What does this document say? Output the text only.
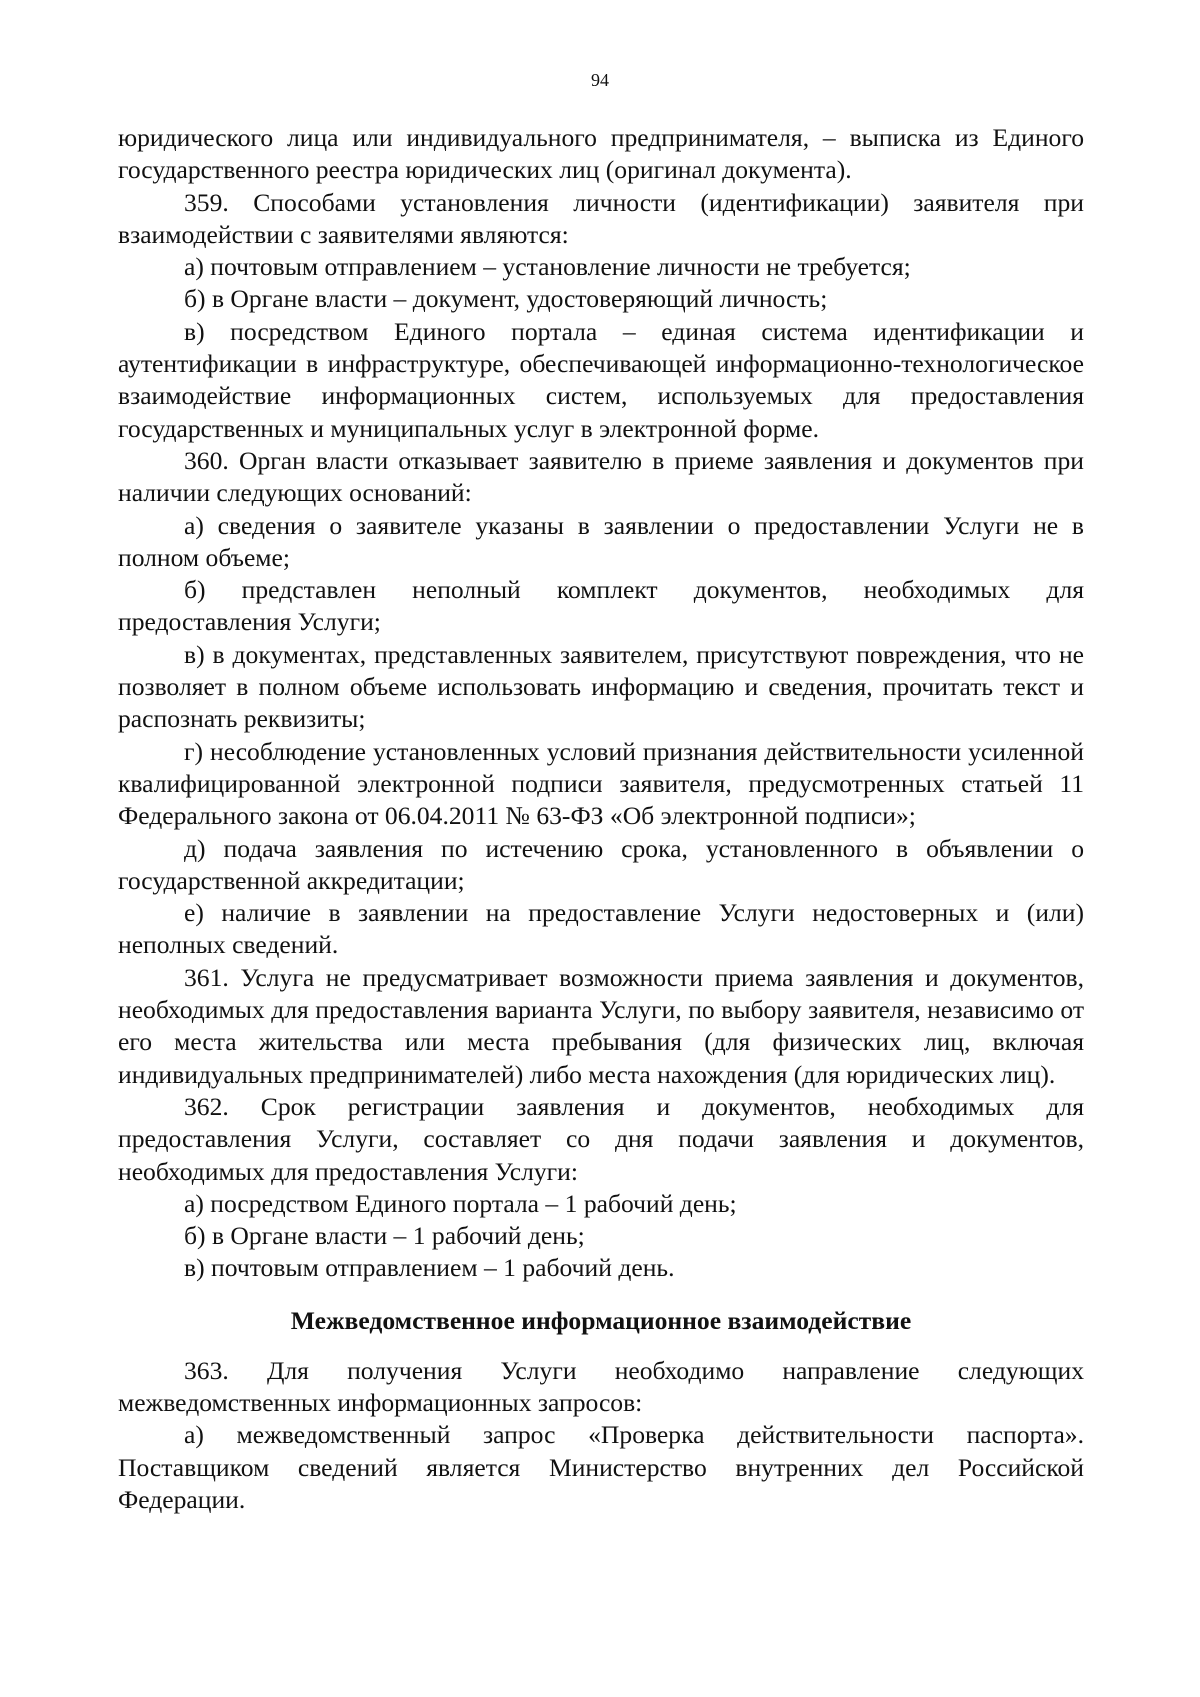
94

юридического лица или индивидуального предпринимателя, – выписка из Единого государственного реестра юридических лиц (оригинал документа).

359. Способами установления личности (идентификации) заявителя при взаимодействии с заявителями являются:

а) почтовым отправлением – установление личности не требуется;

б) в Органе власти – документ, удостоверяющий личность;

в) посредством Единого портала – единая система идентификации и аутентификации в инфраструктуре, обеспечивающей информационно-технологическое взаимодействие информационных систем, используемых для предоставления государственных и муниципальных услуг в электронной форме.

360. Орган власти отказывает заявителю в приеме заявления и документов при наличии следующих оснований:

а) сведения о заявителе указаны в заявлении о предоставлении Услуги не в полном объеме;

б) представлен неполный комплект документов, необходимых для предоставления Услуги;

в) в документах, представленных заявителем, присутствуют повреждения, что не позволяет в полном объеме использовать информацию и сведения, прочитать текст и распознать реквизиты;

г) несоблюдение установленных условий признания действительности усиленной квалифицированной электронной подписи заявителя, предусмотренных статьей 11 Федерального закона от 06.04.2011 № 63-ФЗ «Об электронной подписи»;

д) подача заявления по истечению срока, установленного в объявлении о государственной аккредитации;

е) наличие в заявлении на предоставление Услуги недостоверных и (или) неполных сведений.

361. Услуга не предусматривает возможности приема заявления и документов, необходимых для предоставления варианта Услуги, по выбору заявителя, независимо от его места жительства или места пребывания (для физических лиц, включая индивидуальных предпринимателей) либо места нахождения (для юридических лиц).

362. Срок регистрации заявления и документов, необходимых для предоставления Услуги, составляет со дня подачи заявления и документов, необходимых для предоставления Услуги:

а) посредством Единого портала – 1 рабочий день;

б) в Органе власти – 1 рабочий день;

в) почтовым отправлением – 1 рабочий день.

Межведомственное информационное взаимодействие

363. Для получения Услуги необходимо направление следующих межведомственных информационных запросов:

а) межведомственный запрос «Проверка действительности паспорта». Поставщиком сведений является Министерство внутренних дел Российской Федерации.
